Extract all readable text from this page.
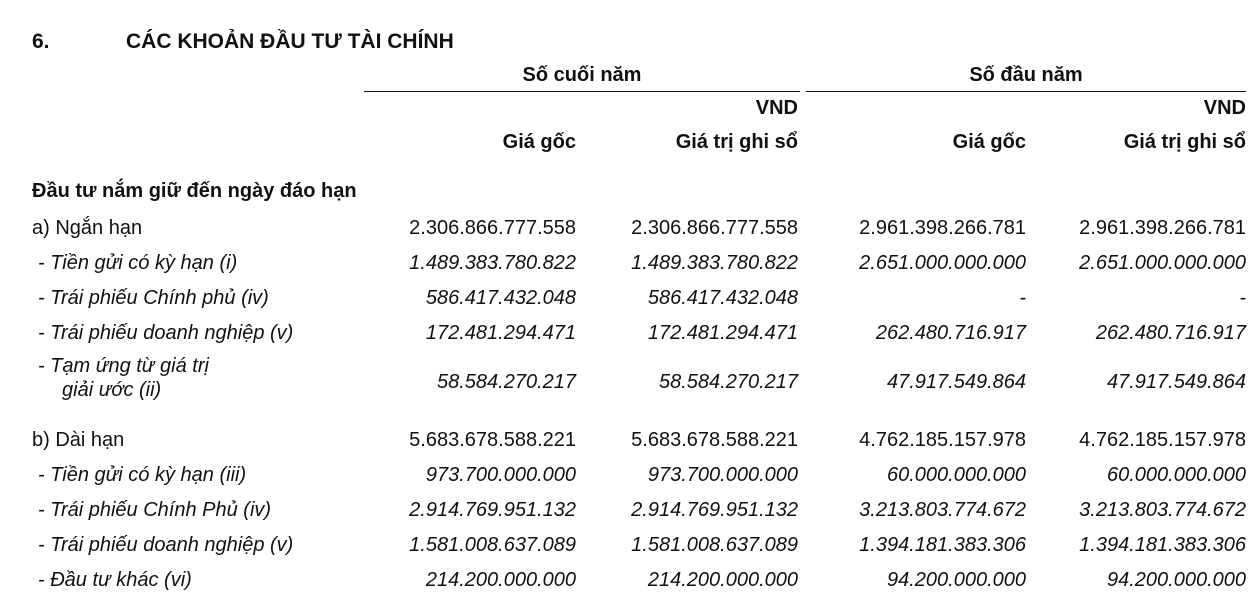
6.	CÁC KHOẢN ĐẦU TƯ TÀI CHÍNH
Số cuối năm	Số đầu năm
VND	VND
Giá gốc	Giá trị ghi sổ	Giá gốc	Giá trị ghi sổ
Đầu tư nắm giữ đến ngày đáo hạn
a) Ngắn hạn	2.306.866.777.558	2.306.866.777.558	2.961.398.266.781	2.961.398.266.781
- Tiền gửi có kỳ hạn (i)	1.489.383.780.822	1.489.383.780.822	2.651.000.000.000	2.651.000.000.000
- Trái phiếu Chính phủ (iv)	586.417.432.048	586.417.432.048	-	-
- Trái phiếu doanh nghiệp (v)	172.481.294.471	172.481.294.471	262.480.716.917	262.480.716.917
- Tạm ứng từ giá trị
giải ước (ii)	58.584.270.217	58.584.270.217	47.917.549.864	47.917.549.864
b) Dài hạn	5.683.678.588.221	5.683.678.588.221	4.762.185.157.978	4.762.185.157.978
- Tiền gửi có kỳ hạn (iii)	973.700.000.000	973.700.000.000	60.000.000.000	60.000.000.000
- Trái phiếu Chính Phủ (iv)	2.914.769.951.132	2.914.769.951.132	3.213.803.774.672	3.213.803.774.672
- Trái phiếu doanh nghiệp (v)	1.581.008.637.089	1.581.008.637.089	1.394.181.383.306	1.394.181.383.306
- Đầu tư khác (vi)	214.200.000.000	214.200.000.000	94.200.000.000	94.200.000.000
